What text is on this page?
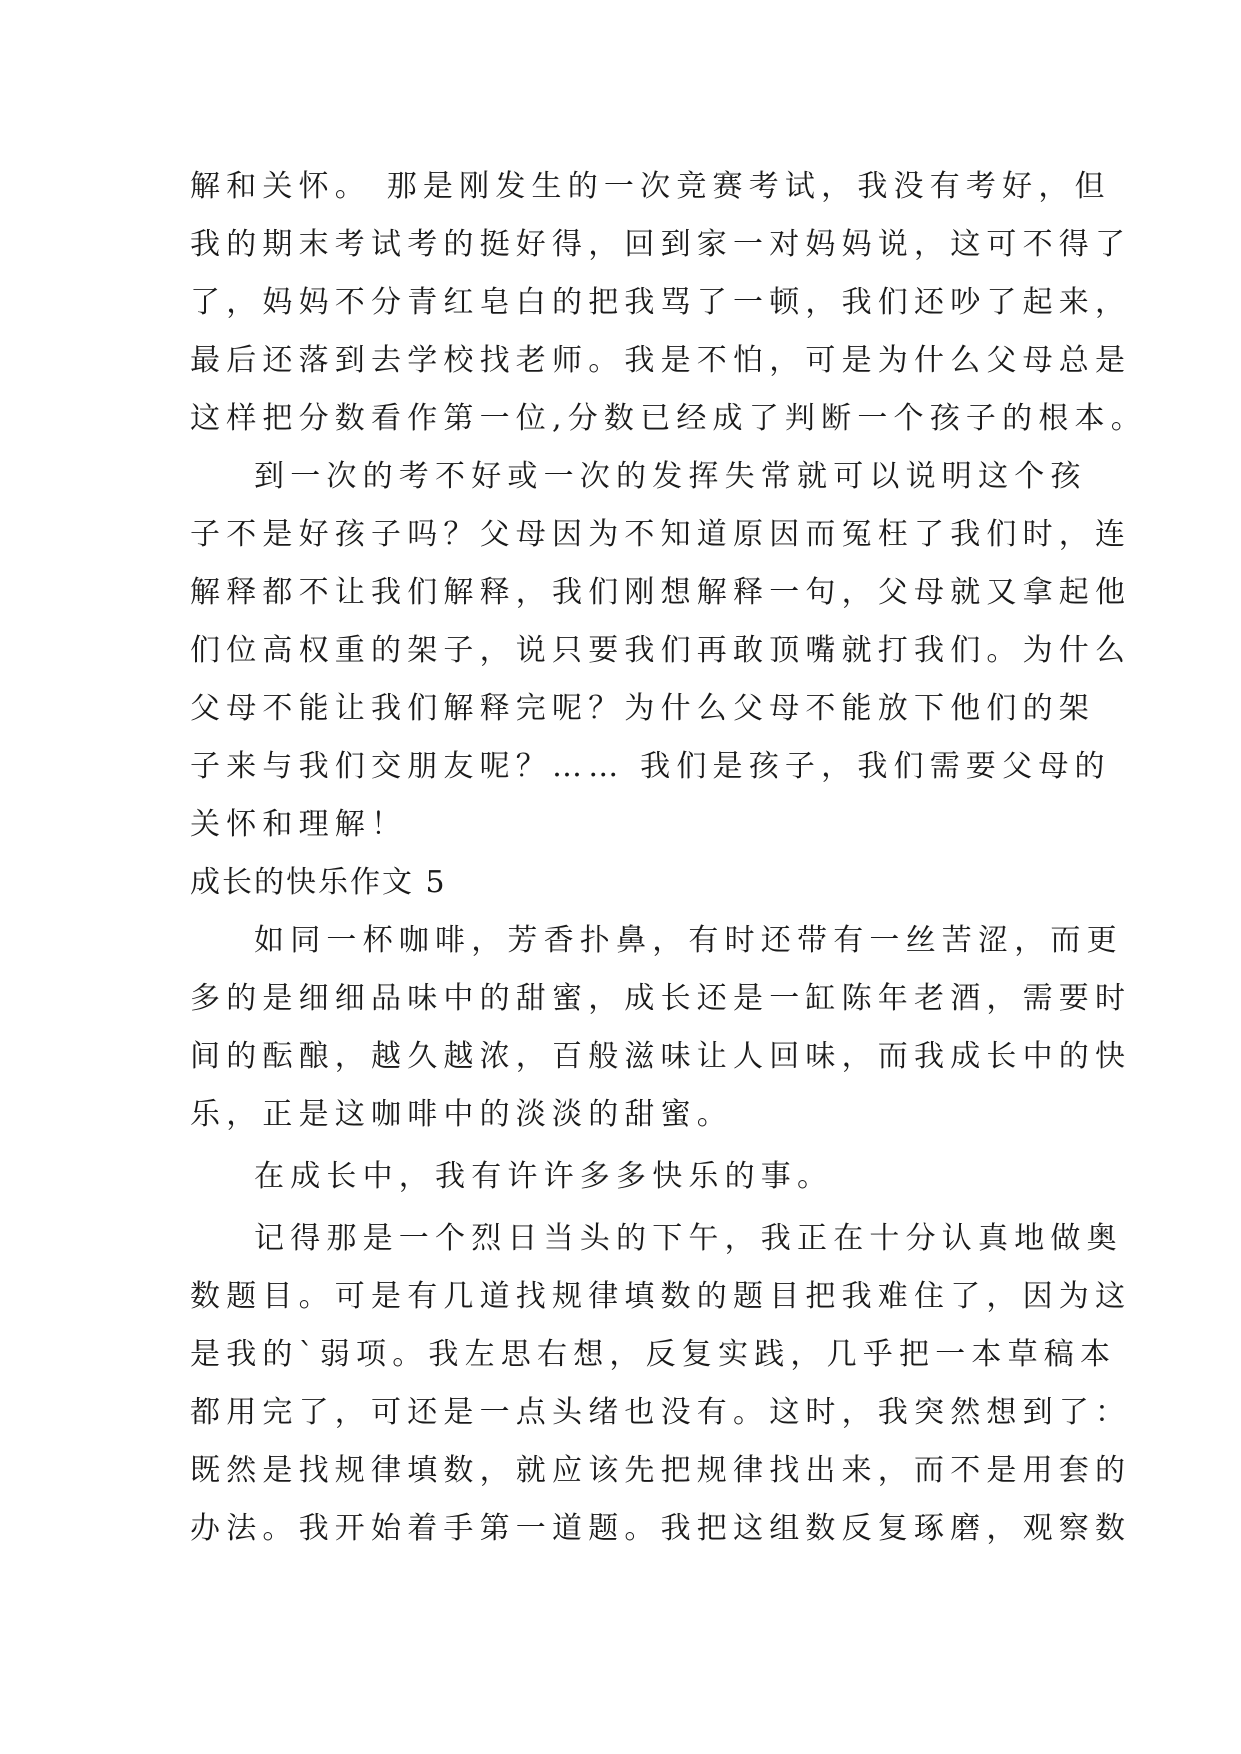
解和关怀。 那是刚发生的一次竞赛考试，我没有考好，但

我的期末考试考的挺好得，回到家一对妈妈说，这可不得了

了，妈妈不分青红皂白的把我骂了一顿，我们还吵了起来，

最后还落到去学校找老师。我是不怕，可是为什么父母总是

这样把分数看作第一位,分数已经成了判断一个孩子的根本。

到一次的考不好或一次的发挥失常就可以说明这个孩

子不是好孩子吗？父母因为不知道原因而冤枉了我们时，连

解释都不让我们解释，我们刚想解释一句，父母就又拿起他

们位高权重的架子，说只要我们再敢顶嘴就打我们。为什么

父母不能让我们解释完呢？为什么父母不能放下他们的架

子来与我们交朋友呢？…… 我们是孩子，我们需要父母的

关怀和理解！

成长的快乐作文 5

如同一杯咖啡，芳香扑鼻，有时还带有一丝苦涩，而更

多的是细细品味中的甜蜜，成长还是一缸陈年老酒，需要时

间的酝酿，越久越浓，百般滋味让人回味，而我成长中的快

乐，正是这咖啡中的淡淡的甜蜜。

在成长中，我有许许多多快乐的事。

记得那是一个烈日当头的下午，我正在十分认真地做奥

数题目。可是有几道找规律填数的题目把我难住了，因为这

是我的`弱项。我左思右想，反复实践，几乎把一本草稿本

都用完了，可还是一点头绪也没有。这时，我突然想到了：

既然是找规律填数，就应该先把规律找出来，而不是用套的

办法。我开始着手第一道题。我把这组数反复琢磨，观察数
